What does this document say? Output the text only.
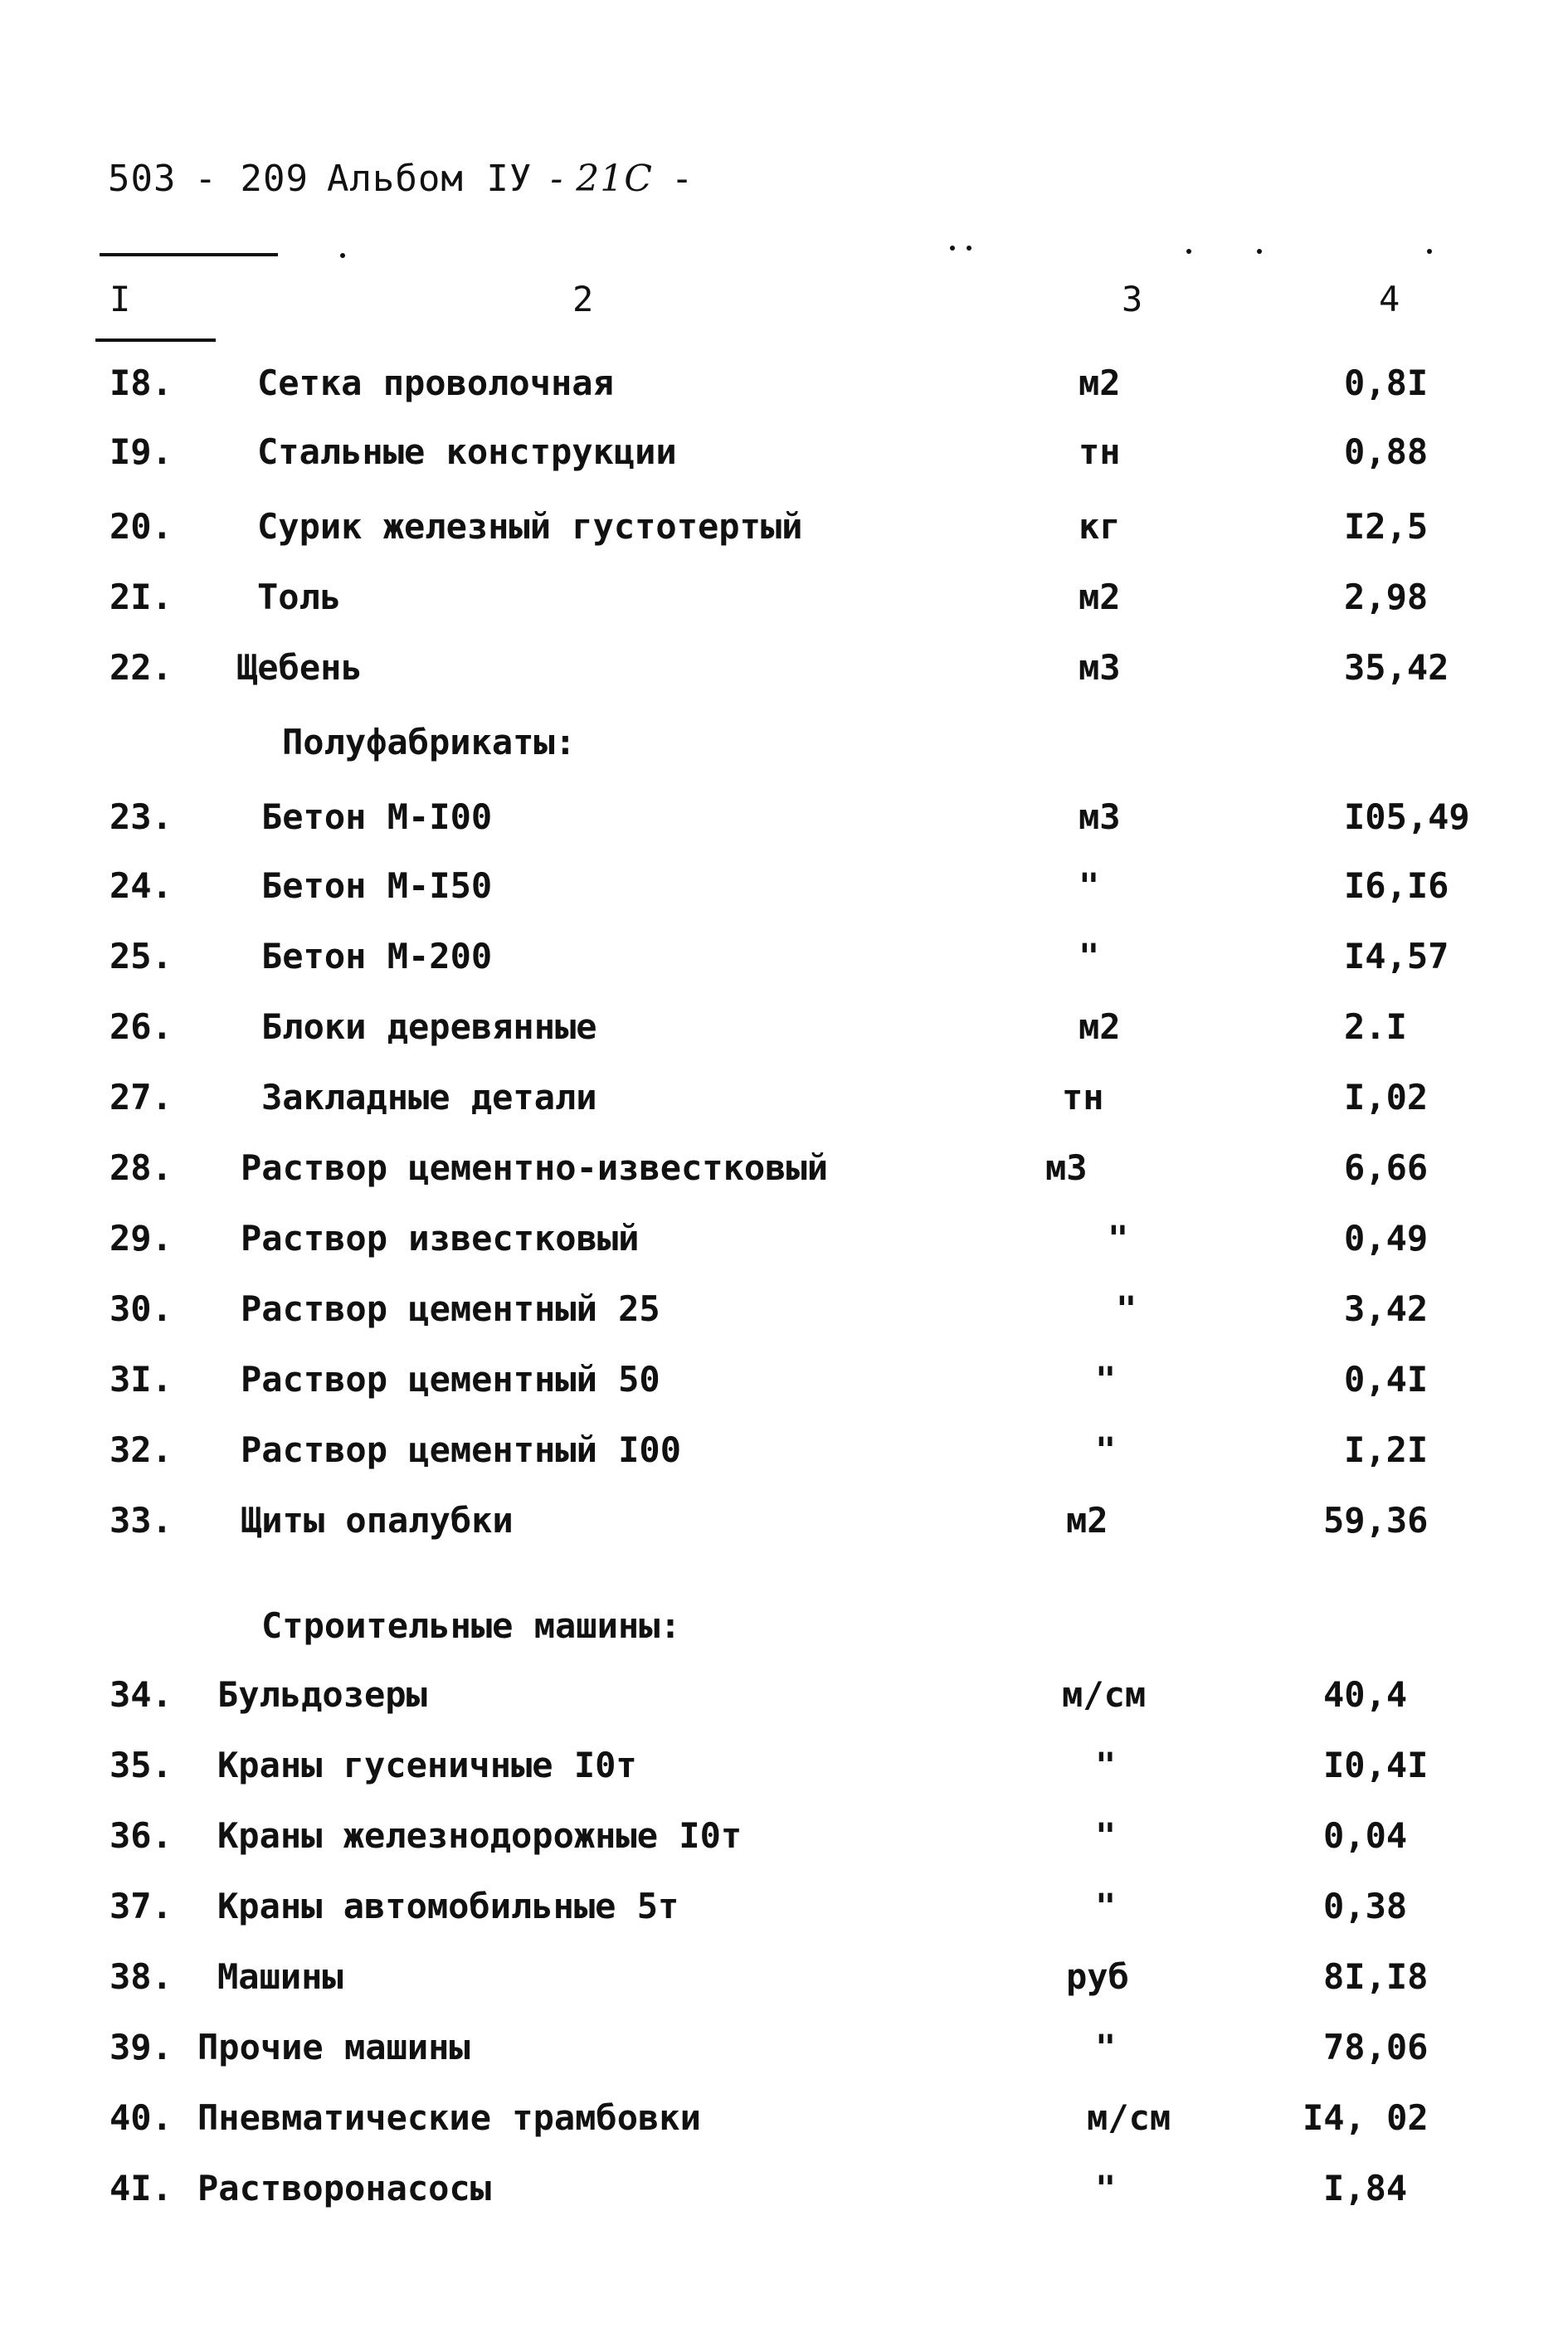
503 - 209 Альбом IУ - 21С -
I	2	3	4
I8. Сетка проволочная	м2	0,8I
I9. Стальные конструкции	тн	0,88
20. Сурик железный густотертый	кг	I2,5
2I. Толь	м2	2,98
22. Щебень	м3	35,42
Полуфабрикаты:
23.	Бетон М-I00	м3	I05,49
24.	Бетон М-I50	"	I6,I6
25.	Бетон М-200	"	I4,57
26.	Блоки деревянные	м2	2.I
27.	Закладные детали	тн	I,02
28. Раствор цементно-известковый	м3	6,66
29. Раствор известковый	"	0,49
30. Раствор цементный 25	"	3,42
3I. Раствор цементный 50	"	0,4I
32. Раствор цементный I00	"	I,2I
33. Щиты опалубки	м2	59,36
Строительные машины:
34. Бульдозеры	м/см	40,4
35. Краны гусеничные I0т	"	I0,4I
36. Краны железнодорожные I0т	"	0,04
37. Краны автомобильные 5т	"	0,38
38. Машины	руб	8I,I8
39. Прочие машины	"	78,06
40. Пневматические трамбовки	м/см	I4, 02
4I. Растворонасосы	"	I,84
